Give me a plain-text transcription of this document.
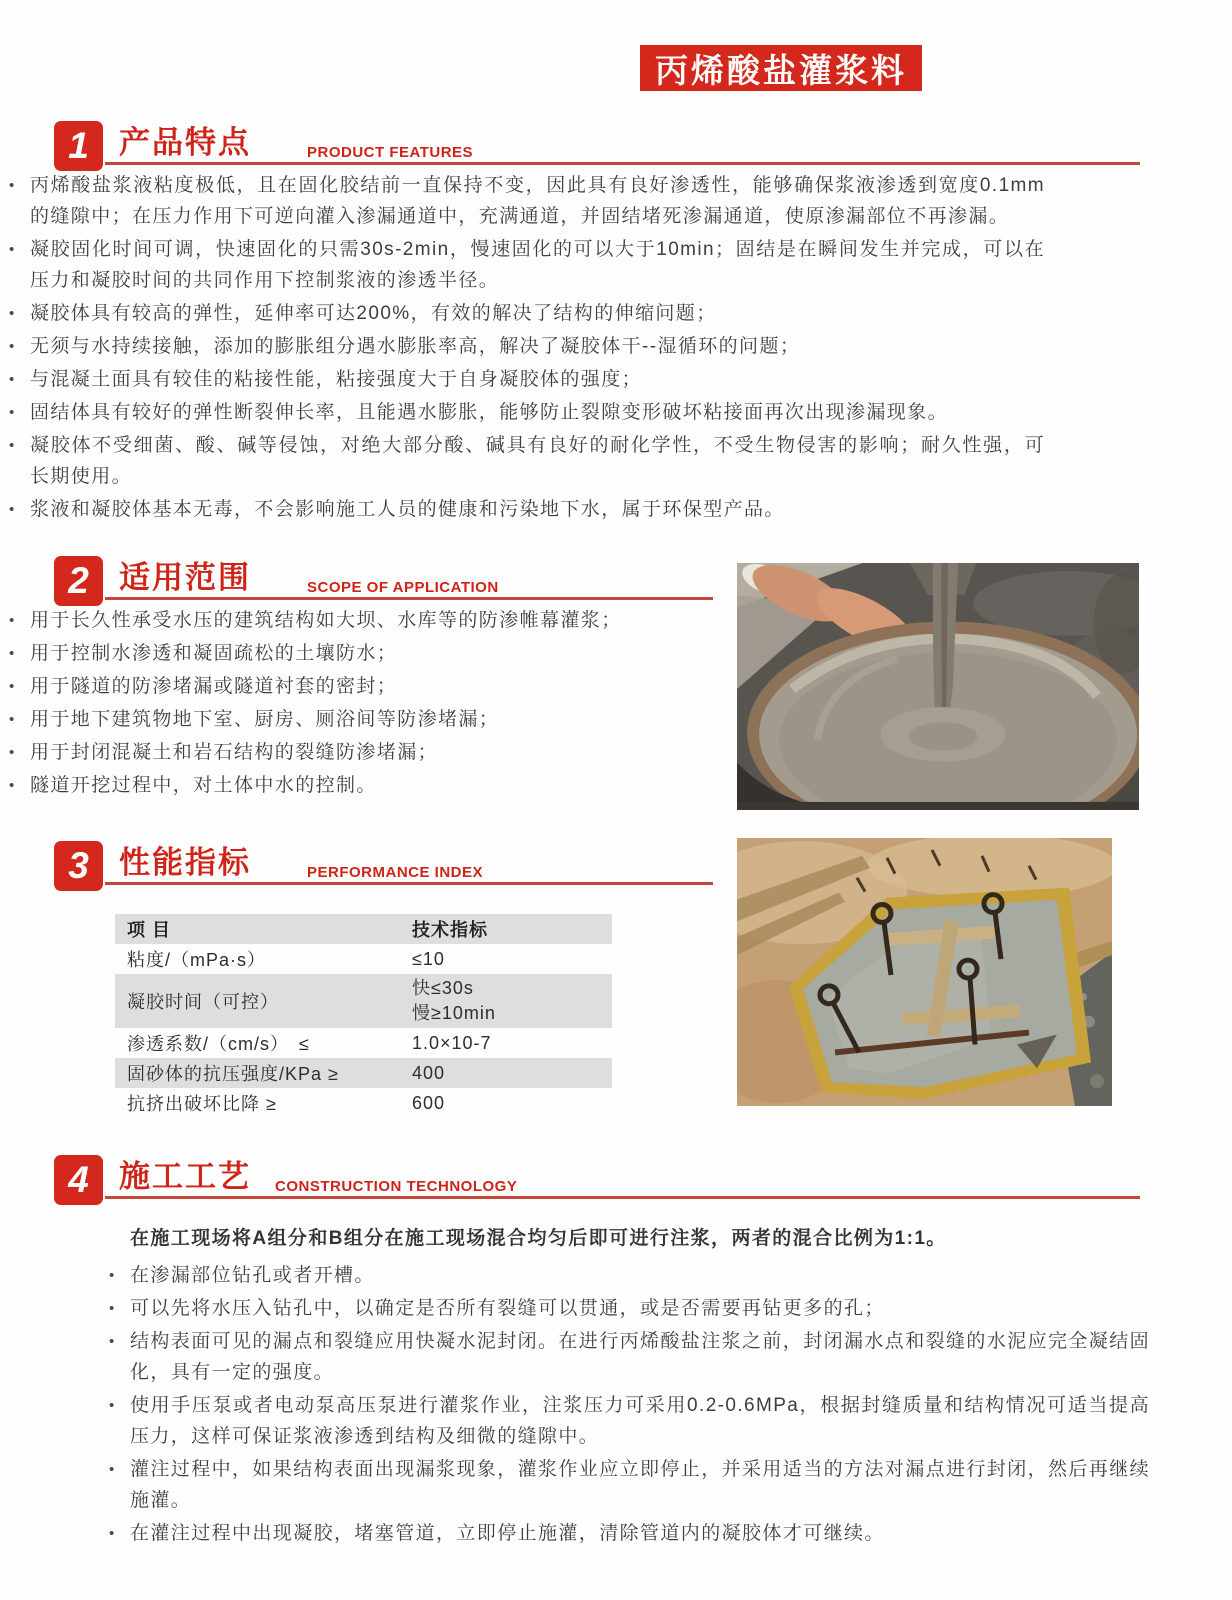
丙烯酸盐灌浆料
1 产品特点	PRODUCT FEATURES
• 丙烯酸盐浆液粘度极低，且在固化胶结前一直保持不变，因此具有良好渗透性，能够确保浆液渗透到宽度0.1mm的缝隙中；在压力作用下可逆向灌入渗漏通道中，充满通道，并固结堵死渗漏通道，使原渗漏部位不再渗漏。
• 凝胶固化时间可调，快速固化的只需30s-2min，慢速固化的可以大于10min；固结是在瞬间发生并完成，可以在压力和凝胶时间的共同作用下控制浆液的渗透半径。
• 凝胶体具有较高的弹性，延伸率可达200%，有效的解决了结构的伸缩问题；
• 无须与水持续接触，添加的膨胀组分遇水膨胀率高，解决了凝胶体干--湿循环的问题；
• 与混凝土面具有较佳的粘接性能，粘接强度大于自身凝胶体的强度；
• 固结体具有较好的弹性断裂伸长率，且能遇水膨胀，能够防止裂隙变形破坏粘接面再次出现渗漏现象。
• 凝胶体不受细菌、酸、碱等侵蚀，对绝大部分酸、碱具有良好的耐化学性，不受生物侵害的影响；耐久性强，可长期使用。
• 浆液和凝胶体基本无毒，不会影响施工人员的健康和污染地下水，属于环保型产品。
2 适用范围	SCOPE OF APPLICATION
• 用于长久性承受水压的建筑结构如大坝、水库等的防渗帷幕灌浆；
• 用于控制水渗透和凝固疏松的土壤防水；
• 用于隧道的防渗堵漏或隧道衬套的密封；
• 用于地下建筑物地下室、厨房、厕浴间等防渗堵漏；
• 用于封闭混凝土和岩石结构的裂缝防渗堵漏；
• 隧道开挖过程中，对土体中水的控制。
3 性能指标	PERFORMANCE INDEX
项 目	技术指标
粘度/（mPa·s）	≤10
凝胶时间（可控）	快≤30s
慢≥10min

渗透系数/（cm/s）　≤	1.0×10-7
固砂体的抗压强度/KPa ≥	400
抗挤出破坏比降 ≥	600
4 施工工艺 CONSTRUCTION TECHNOLOGY

在施工现场将A组分和B组分在施工现场混合均匀后即可进行注浆，两者的混合比例为1:1。

• 在渗漏部位钻孔或者开槽。
• 可以先将水压入钻孔中，以确定是否所有裂缝可以贯通，或是否需要再钻更多的孔；
• 结构表面可见的漏点和裂缝应用快凝水泥封闭。在进行丙烯酸盐注浆之前，封闭漏水点和裂缝的水泥应完全凝结固化，具有一定的强度。
• 使用手压泵或者电动泵高压泵进行灌浆作业，注浆压力可采用0.2-0.6MPa，根据封缝质量和结构情况可适当提高压力，这样可保证浆液渗透到结构及细微的缝隙中。
• 灌注过程中，如果结构表面出现漏浆现象，灌浆作业应立即停止，并采用适当的方法对漏点进行封闭，然后再继续施灌。
• 在灌注过程中出现凝胶，堵塞管道，立即停止施灌，清除管道内的凝胶体才可继续。
